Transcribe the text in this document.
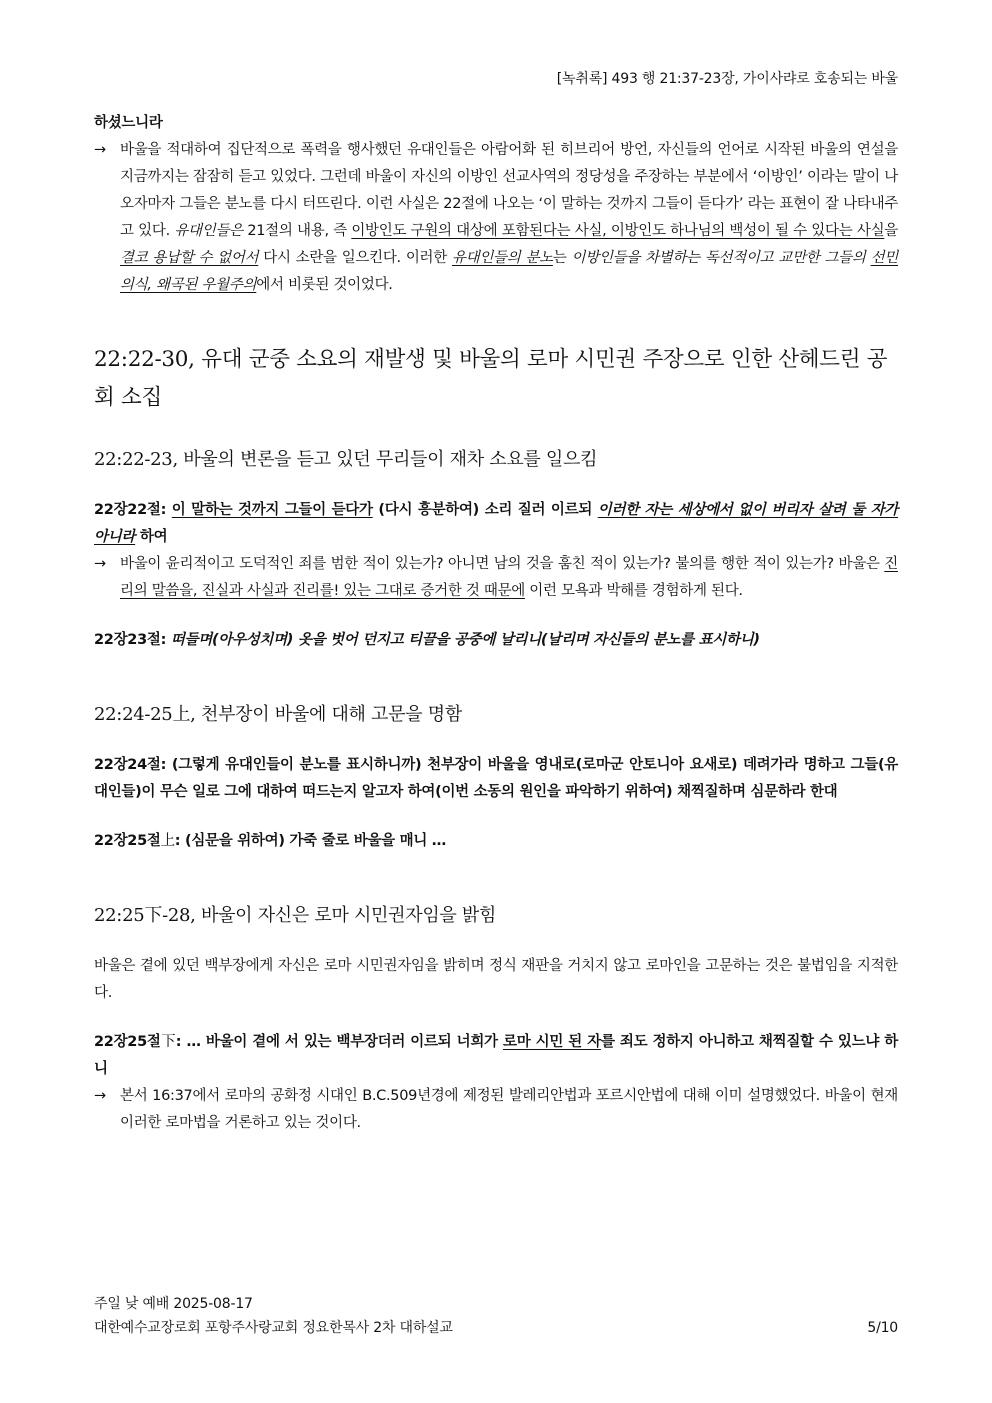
[녹취록] 493 행 21:37-23장, 가이사랴로 호송되는 바울
하셨느니라
→ 바울을 적대하여 집단적으로 폭력을 행사했던 유대인들은 아람어화 된 히브리어 방언, 자신들의 언어로 시작된 바울의 연설을 지금까지는 잠잠히 듣고 있었다. 그런데 바울이 자신의 이방인 선교사역의 정당성을 주장하는 부분에서 ‘이방인’ 이라는 말이 나오자마자 그들은 분노를 다시 터뜨린다. 이런 사실은 22절에 나오는 ‘이 말하는 것까지 그들이 듣다가’ 라는 표현이 잘 나타내주고 있다. 유대인들은 21절의 내용, 즉 이방인도 구원의 대상에 포함된다는 사실, 이방인도 하나님의 백성이 될 수 있다는 사실을 결코 용납할 수 없어서 다시 소란을 일으킨다. 이러한 유대인들의 분노는 이방인들을 차별하는 독선적이고 교만한 그들의 선민의식, 왜곡된 우월주의에서 비롯된 것이었다.
22:22-30, 유대 군중 소요의 재발생 및 바울의 로마 시민권 주장으로 인한 산헤드린 공회 소집
22:22-23, 바울의 변론을 듣고 있던 무리들이 재차 소요를 일으킴
22장22절: 이 말하는 것까지 그들이 듣다가 (다시 흥분하여) 소리 질러 이르되 이러한 자는 세상에서 없이 버리자 살려 둘 자가 아니라 하여
→ 바울이 윤리적이고 도덕적인 죄를 범한 적이 있는가? 아니면 남의 것을 훔친 적이 있는가? 불의를 행한 적이 있는가? 바울은 진리의 말씀을, 진실과 사실과 진리를! 있는 그대로 증거한 것 때문에 이런 모욕과 박해를 경험하게 된다.
22장23절: 떠들며(아우성치며) 옷을 벗어 던지고 티끌을 공중에 날리니(날리며 자신들의 분노를 표시하니)
22:24-25上, 천부장이 바울에 대해 고문을 명함
22장24절: (그렇게 유대인들이 분노를 표시하니까) 천부장이 바울을 영내로(로마군 안토니아 요새로) 데려가라 명하고 그들(유대인들)이 무슨 일로 그에 대하여 떠드는지 알고자 하여(이번 소동의 원인을 파악하기 위하여) 채찍질하며 심문하라 한대
22장25절上: (심문을 위하여) 가죽 줄로 바울을 매니 …
22:25下-28, 바울이 자신은 로마 시민권자임을 밝힘
바울은 곁에 있던 백부장에게 자신은 로마 시민권자임을 밝히며 정식 재판을 거치지 않고 로마인을 고문하는 것은 불법임을 지적한다.
22장25절下: … 바울이 곁에 서 있는 백부장더러 이르되 너희가 로마 시민 된 자를 죄도 정하지 아니하고 채찍질할 수 있느냐 하니
→ 본서 16:37에서 로마의 공화정 시대인 B.C.509년경에 제정된 발레리안법과 포르시안법에 대해 이미 설명했었다. 바울이 현재 이러한 로마법을 거론하고 있는 것이다.
주일 낮 예배 2025-08-17
대한예수교장로회 포항주사랑교회 정요한목사 2차 대하설교	5/10
